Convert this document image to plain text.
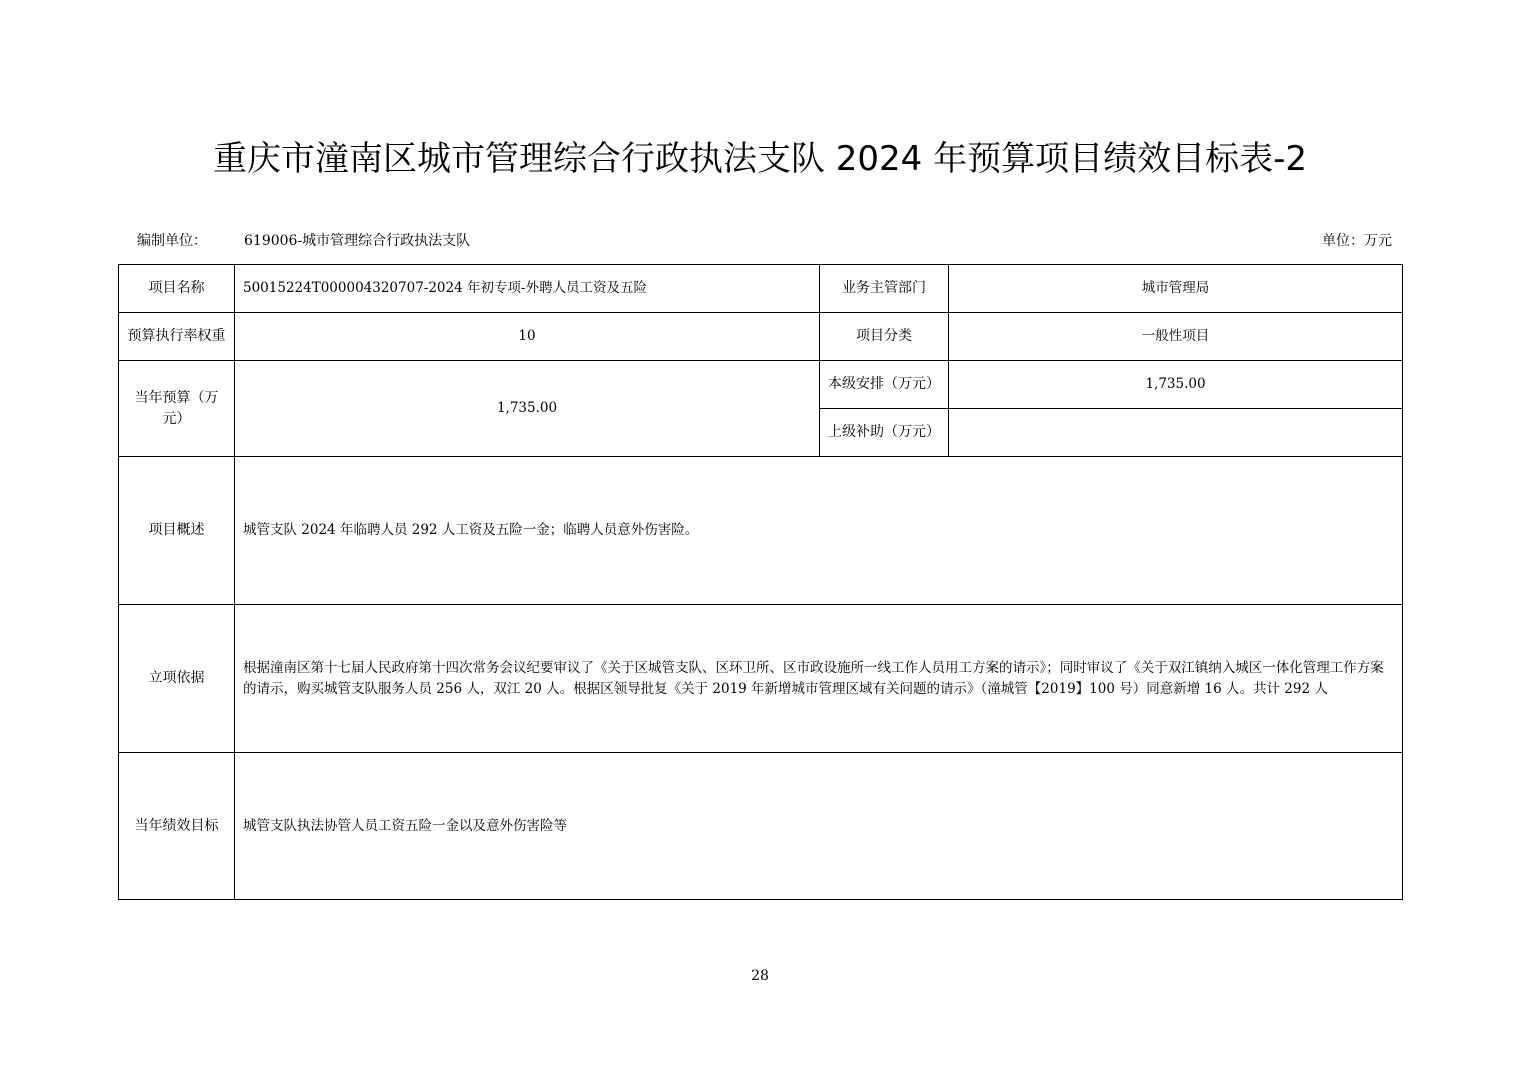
重庆市潼南区城市管理综合行政执法支队 2024 年预算项目绩效目标表-2
编制单位：	619006-城市管理综合行政执法支队	单位：万元
项目名称	50015224T000004320707-2024 年初专项-外聘人员工资及五险	业务主管部门	城市管理局
预算执行率权重	10	项目分类	一般性项目
当年预算（万元）	1,735.00	本级安排（万元）	1,735.00
		上级补助（万元）	
项目概述	城管支队 2024 年临聘人员 292 人工资及五险一金；临聘人员意外伤害险。		
立项依据	根据潼南区第十七届人民政府第十四次常务会议纪要审议了《关于区城管支队、区环卫所、区市政设施所一线工作人员用工方案的请示》；同时审议了《关于双江镇纳入城区一体化管理工作方案的请示，购买城管支队服务人员 256 人，双江 20 人。根据区领导批复《关于 2019 年新增城市管理区域有关问题的请示》（潼城管【2019】100 号）同意新增 16 人。共计 292 人		
当年绩效目标	城管支队执法协管人员工资五险一金以及意外伤害险等		
28
